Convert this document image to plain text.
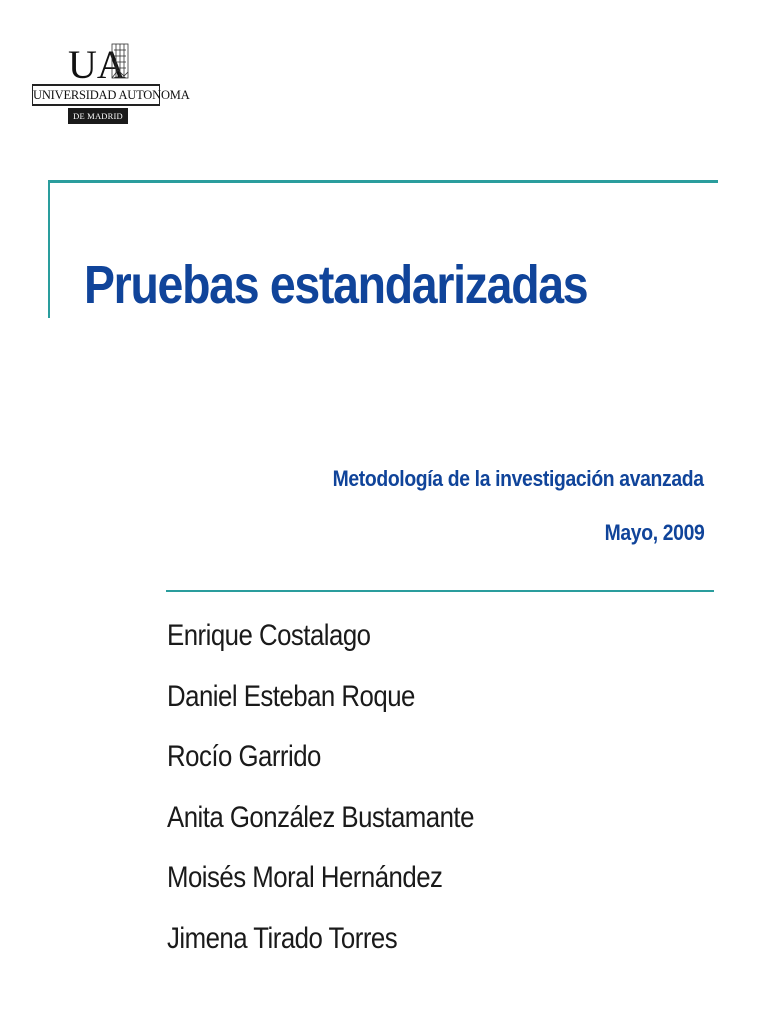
UA
UNIVERSIDAD AUTONOMA
DE MADRID
Pruebas estandarizadas

Metodología de la investigación avanzada

Mayo, 2009

Enrique Costalago
Daniel Esteban Roque
Rocío Garrido
Anita González Bustamante
Moisés Moral Hernández
Jimena Tirado Torres
